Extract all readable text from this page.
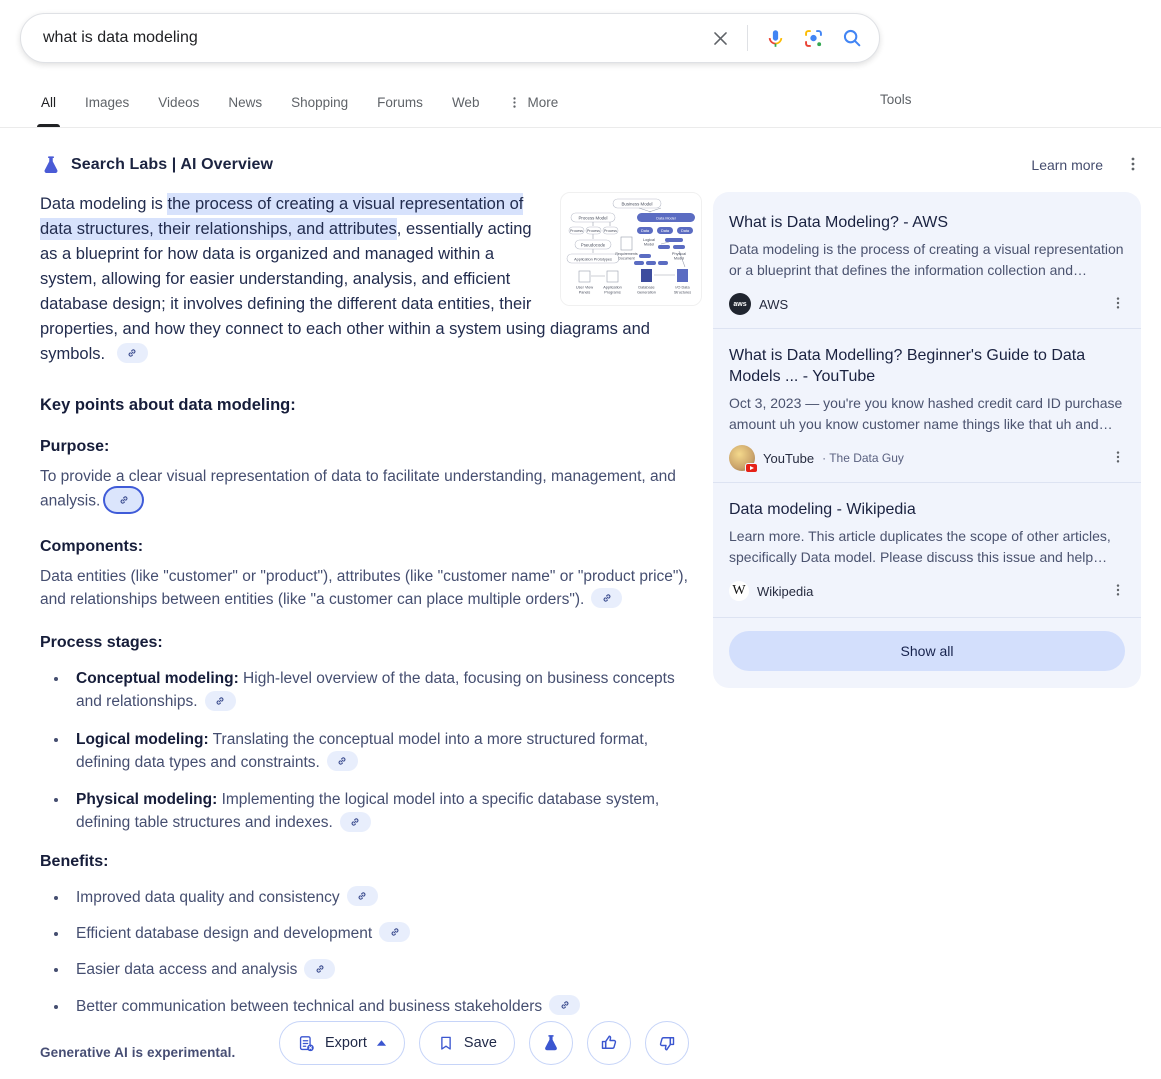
what is data modeling
All Images Videos News Shopping Forums Web	More	Tools
Search Labs | AI Overview	Learn more

Business Model
Process Model
Process Process Process
Pseudocode
Application Prototypes
Requirements
Document
Logical
Model
Physical
Model
User View
Panels
Application
Programs
Database
Generation
I/O Data
Structures
Data Model
Data	Data	Data
Data modeling is the process of creating a visual representation of data structures, their relationships, and attributes, essentially acting as a blueprint for how data is organized and managed within a system, allowing for easier understanding, analysis, and efficient database design; it involves defining the different data entities, their properties, and how they connect to each other within a system using diagrams and symbols.

Key points about data modeling:
Purpose:

To provide a clear visual representation of data to facilitate understanding, management, and analysis.

Components:

Data entities (like "customer" or "product"), attributes (like "customer name" or "product price"), and relationships between entities (like "a customer can place multiple orders").

Process stages:
• Conceptual modeling: High-level overview of the data, focusing on business concepts and relationships.
• Logical modeling: Translating the conceptual model into a more structured format, defining data types and constraints.
• Physical modeling: Implementing the logical model into a specific database system, defining table structures and indexes.
Benefits:
• Improved data quality and consistency
• Efficient database design and development
• Easier data access and analysis
• Better communication between technical and business stakeholders

Generative AI is experimental.

Export	Save
What is Data Modeling? - AWS
Data modeling is the process of creating a visual representation or a blueprint that defines the information collection and…
aws AWS
What is Data Modelling? Beginner's Guide to Data Models ... - YouTube
Oct 3, 2023 — you're you know hashed credit card ID purchase amount uh you know customer name things like that uh and…
YouTube · The Data Guy
Data modeling - Wikipedia
Learn more. This article duplicates the scope of other articles, specifically Data model. Please discuss this issue and help…
W Wikipedia
Show all
